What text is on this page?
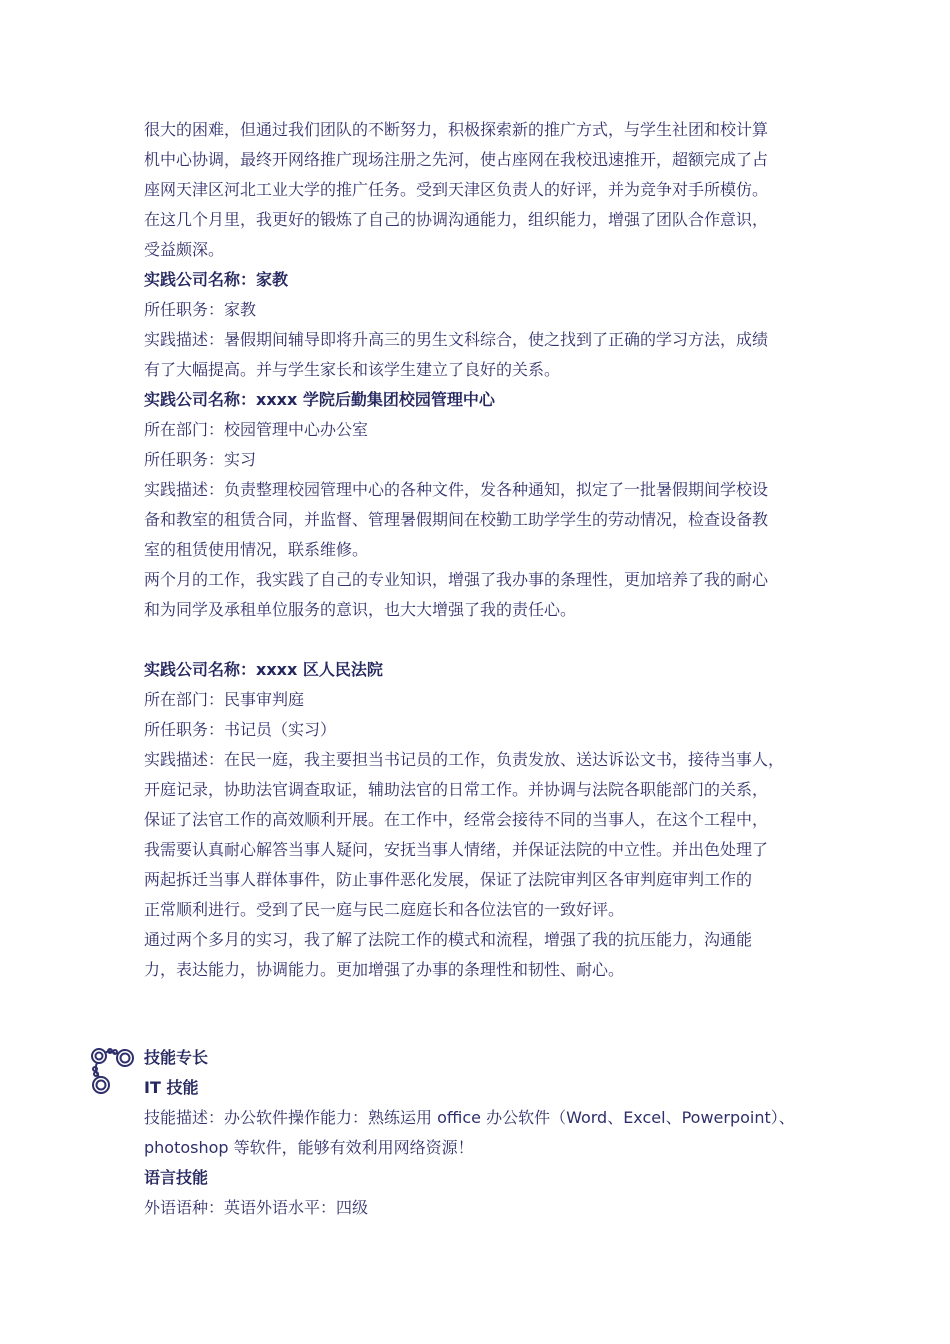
很大的困难，但通过我们团队的不断努力，积极探索新的推广方式，与学生社团和校计算
机中心协调，最终开网络推广现场注册之先河，使占座网在我校迅速推开，超额完成了占
座网天津区河北工业大学的推广任务。受到天津区负责人的好评，并为竞争对手所模仿。
在这几个月里，我更好的锻炼了自己的协调沟通能力，组织能力，增强了团队合作意识，
受益颇深。
实践公司名称：家教
所任职务：家教
实践描述：暑假期间辅导即将升高三的男生文科综合，使之找到了正确的学习方法，成绩
有了大幅提高。并与学生家长和该学生建立了良好的关系。
实践公司名称：xxxx 学院后勤集团校园管理中心
所在部门：校园管理中心办公室
所任职务：实习
实践描述：负责整理校园管理中心的各种文件，发各种通知，拟定了一批暑假期间学校设
备和教室的租赁合同，并监督、管理暑假期间在校勤工助学学生的劳动情况，检查设备教
室的租赁使用情况，联系维修。
两个月的工作，我实践了自己的专业知识，增强了我办事的条理性，更加培养了我的耐心
和为同学及承租单位服务的意识，也大大增强了我的责任心。
实践公司名称：xxxx 区人民法院
所在部门：民事审判庭
所任职务：书记员（实习）
实践描述：在民一庭，我主要担当书记员的工作，负责发放、送达诉讼文书，接待当事人，
开庭记录，协助法官调查取证，辅助法官的日常工作。并协调与法院各职能部门的关系，
保证了法官工作的高效顺利开展。在工作中，经常会接待不同的当事人，在这个工程中，
我需要认真耐心解答当事人疑问，安抚当事人情绪，并保证法院的中立性。并出色处理了
两起拆迁当事人群体事件，防止事件恶化发展，保证了法院审判区各审判庭审判工作的
正常顺利进行。受到了民一庭与民二庭庭长和各位法官的一致好评。
通过两个多月的实习，我了解了法院工作的模式和流程，增强了我的抗压能力，沟通能
力，表达能力，协调能力。更加增强了办事的条理性和韧性、耐心。
技能专长
IT 技能
技能描述：办公软件操作能力：熟练运用 office 办公软件（Word、Excel、Powerpoint）、
photoshop 等软件，能够有效利用网络资源！
语言技能
外语语种：英语外语水平：四级
